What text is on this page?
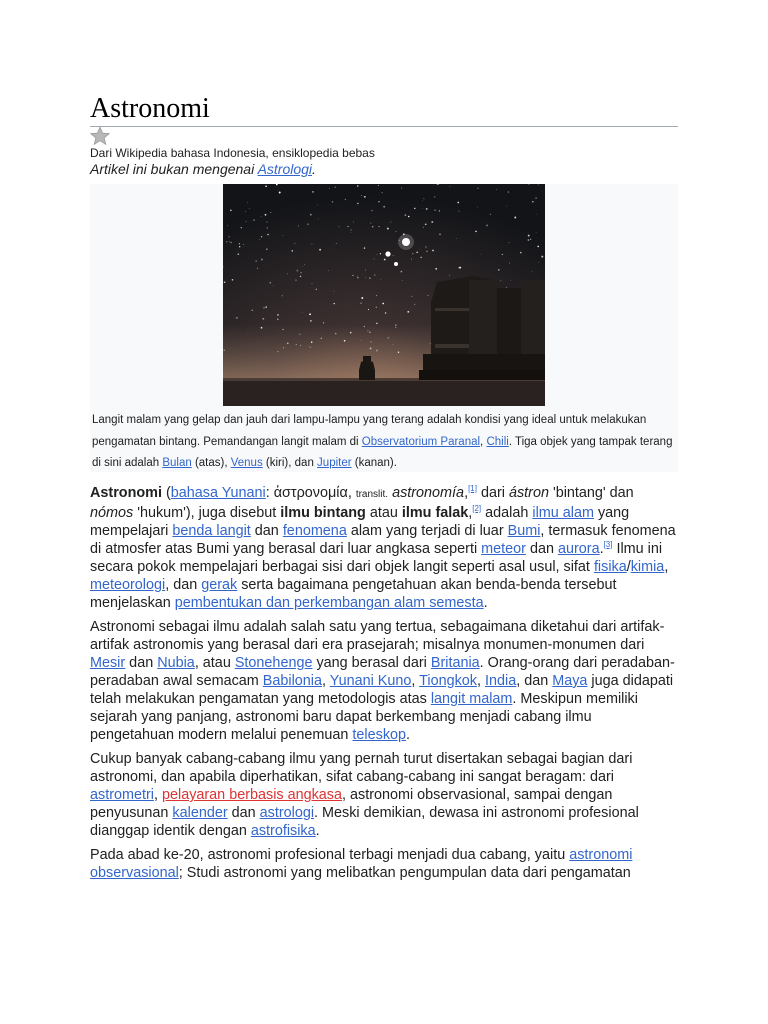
Astronomi
Dari Wikipedia bahasa Indonesia, ensiklopedia bebas
Artikel ini bukan mengenai Astrologi.
Langit malam yang gelap dan jauh dari lampu-lampu yang terang adalah kondisi yang ideal untuk melakukan pengamatan bintang. Pemandangan langit malam di Observatorium Paranal, Chili. Tiga objek yang tampak terang di sini adalah Bulan (atas), Venus (kiri), dan Jupiter (kanan).

Astronomi (bahasa Yunani: ἀστρονομία, translit. astronomía,[1] dari ástron 'bintang' dan nómos 'hukum'), juga disebut ilmu bintang atau ilmu falak,[2] adalah ilmu alam yang mempelajari benda langit dan fenomena alam yang terjadi di luar Bumi, termasuk fenomena di atmosfer atas Bumi yang berasal dari luar angkasa seperti meteor dan aurora.[3] Ilmu ini secara pokok mempelajari berbagai sisi dari objek langit seperti asal usul, sifat fisika/kimia, meteorologi, dan gerak serta bagaimana pengetahuan akan benda-benda tersebut menjelaskan pembentukan dan perkembangan alam semesta.

Astronomi sebagai ilmu adalah salah satu yang tertua, sebagaimana diketahui dari artifak-artifak astronomis yang berasal dari era prasejarah; misalnya monumen-monumen dari Mesir dan Nubia, atau Stonehenge yang berasal dari Britania. Orang-orang dari peradaban-peradaban awal semacam Babilonia, Yunani Kuno, Tiongkok, India, dan Maya juga didapati telah melakukan pengamatan yang metodologis atas langit malam. Meskipun memiliki sejarah yang panjang, astronomi baru dapat berkembang menjadi cabang ilmu pengetahuan modern melalui penemuan teleskop.

Cukup banyak cabang-cabang ilmu yang pernah turut disertakan sebagai bagian dari astronomi, dan apabila diperhatikan, sifat cabang-cabang ini sangat beragam: dari astrometri, pelayaran berbasis angkasa, astronomi observasional, sampai dengan penyusunan kalender dan astrologi. Meski demikian, dewasa ini astronomi profesional dianggap identik dengan astrofisika.

Pada abad ke-20, astronomi profesional terbagi menjadi dua cabang, yaitu astronomi observasional; Studi astronomi yang melibatkan pengumpulan data dari pengamatan
